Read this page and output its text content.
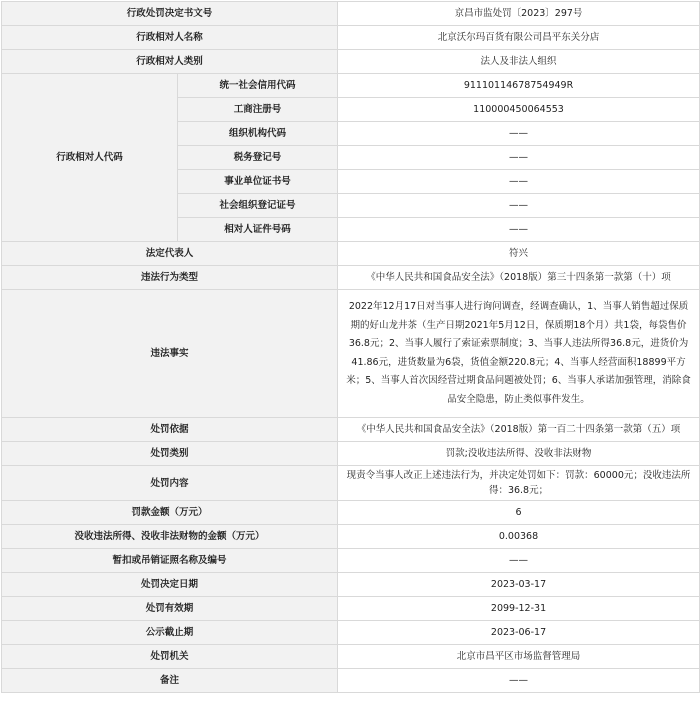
行政处罚决定书文号		京昌市监处罚〔2023〕297号
行政相对人名称		北京沃尔玛百货有限公司昌平东关分店
行政相对人类别		法人及非法人组织
行政相对人代码	统一社会信用代码	91110114678754949R
	工商注册号	110000450064553
	组织机构代码	——
	税务登记号	——
	事业单位证书号	——
	社会组织登记证号	——
	相对人证件号码	——
法定代表人		符兴
违法行为类型		《中华人民共和国食品安全法》（2018版）第三十四条第一款第（十）项
违法事实		2022年12月17日对当事人进行询问调查，经调查确认，1、当事人销售超过保质期的好山龙井茶（生产日期2021年5月12日，保质期18个月）共1袋，每袋售价36.8元；2、当事人履行了索证索票制度；3、当事人违法所得36.8元，进货价为41.86元，进货数量为6袋，货值金额220.8元；4、当事人经营面积18899平方米；5、当事人首次因经营过期食品问题被处罚；6、当事人承诺加强管理，消除食品安全隐患，防止类似事件发生。
处罚依据		《中华人民共和国食品安全法》（2018版）第一百二十四条第一款第（五）项
处罚类别		罚款;没收违法所得、没收非法财物
处罚内容		现责令当事人改正上述违法行为，并决定处罚如下：罚款：60000元；没收违法所得：36.8元；
罚款金额（万元）		6
没收违法所得、没收非法财物的金额（万元）		0.00368
暂扣或吊销证照名称及编号		——
处罚决定日期		2023-03-17
处罚有效期		2099-12-31
公示截止期		2023-06-17
处罚机关		北京市昌平区市场监督管理局
备注		——
